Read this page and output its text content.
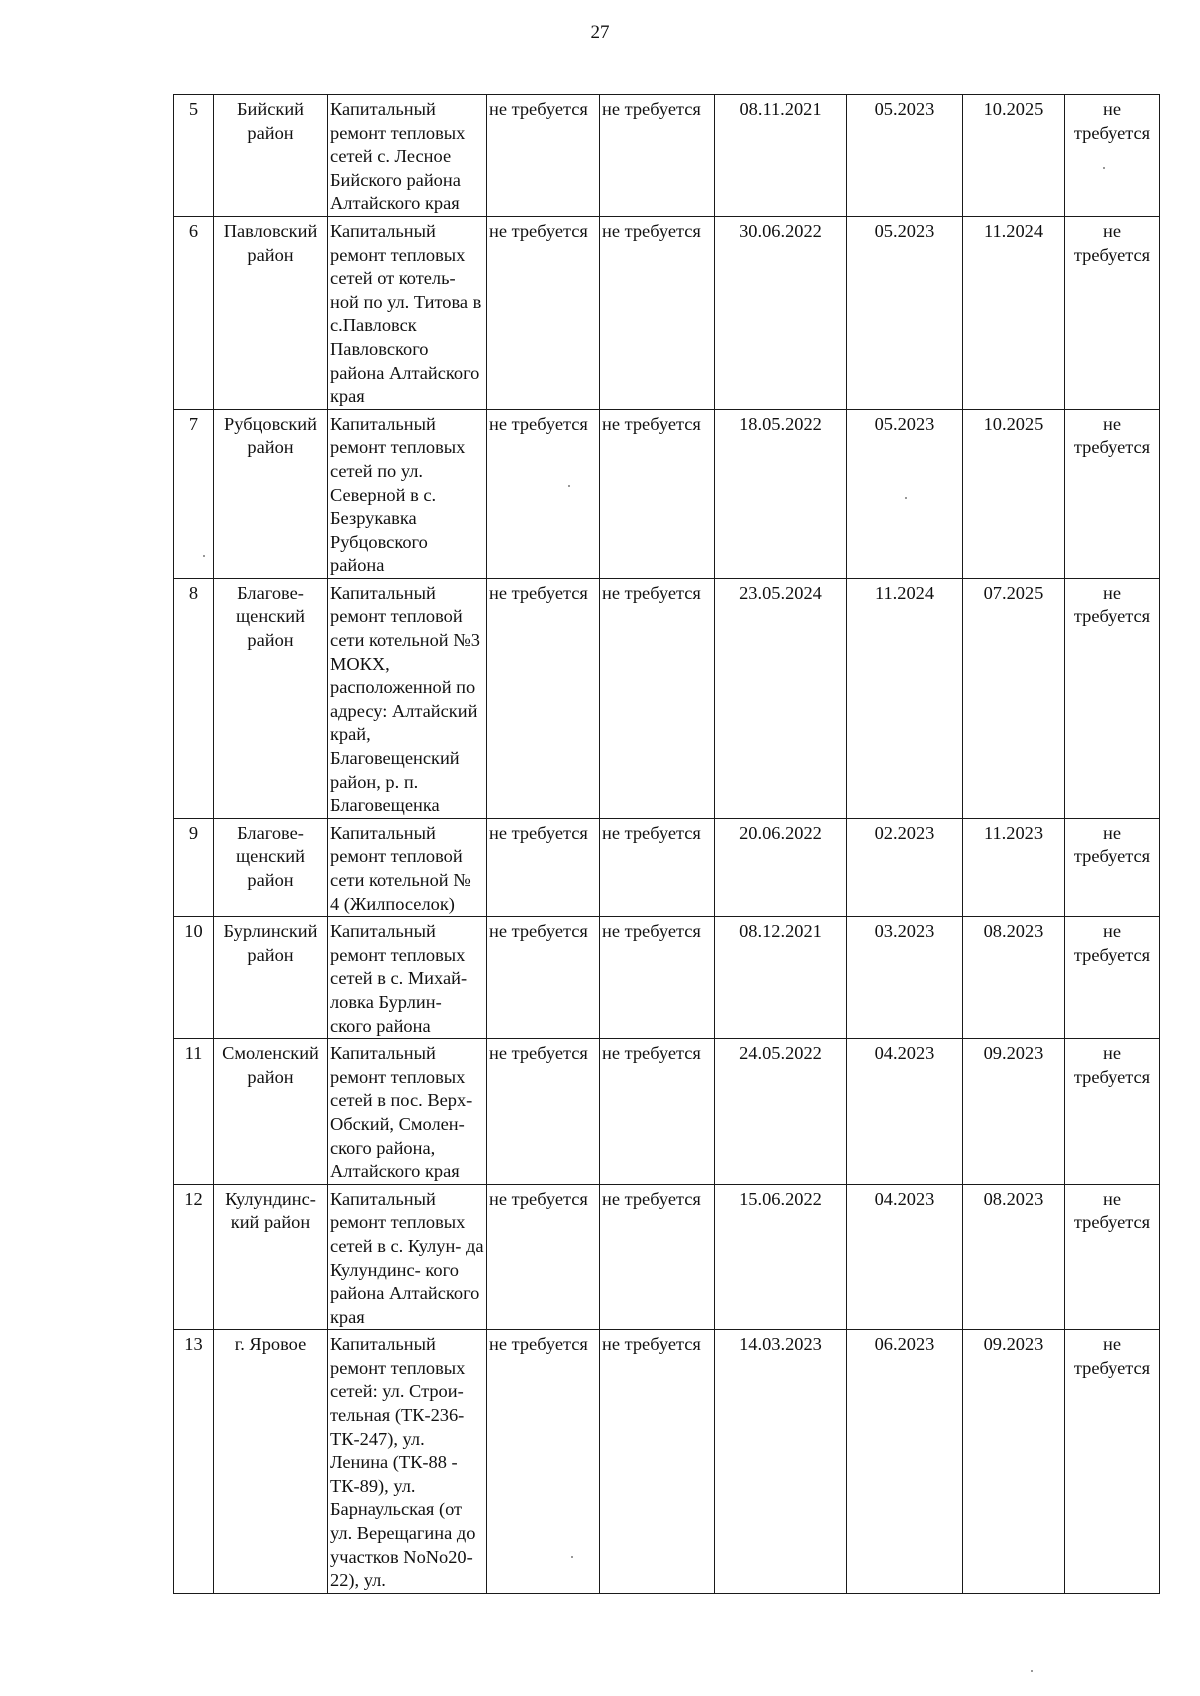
27
5	Бийский район	Капитальный ремонт тепловых сетей с. Лесное Бийского района Алтайского края	не требуется	не требуется	08.11.2021	05.2023	10.2025	не требуется
6	Павловский район	Капитальный ремонт тепловых сетей от котель- ной по ул. Титова в с.Павловск Павловского района Алтайского края	не требуется	не требуется	30.06.2022	05.2023	11.2024	не требуется
7	Рубцовский район	Капитальный ремонт тепловых сетей по ул. Северной в с. Безрукавка Рубцовского района	не требуется	не требуется	18.05.2022	05.2023	10.2025	не требуется
8	Благове- щенский район	Капитальный ремонт тепловой сети котельной №3 МОКХ, расположенной по адресу: Алтайский край, Благовещенский район, р. п. Благовещенка	не требуется	не требуется	23.05.2024	11.2024	07.2025	не требуется
9	Благове- щенский район	Капитальный ремонт тепловой сети котельной № 4 (Жилпоселок)	не требуется	не требуется	20.06.2022	02.2023	11.2023	не требуется
10	Бурлинский район	Капитальный ремонт тепловых сетей в с. Михай- ловка Бурлин- ского района	не требуется	не требуется	08.12.2021	03.2023	08.2023	не требуется
11	Смоленский район	Капитальный ремонт тепловых сетей в пос. Верх- Обский, Смолен- ского района, Алтайского края	не требуется	не требуется	24.05.2022	04.2023	09.2023	не требуется
12	Кулундинс- кий район	Капитальный ремонт тепловых сетей в с. Кулун- да Кулундинс- кого района Алтайского края	не требуется	не требуется	15.06.2022	04.2023	08.2023	не требуется
13	г. Яровое	Капитальный ремонт тепловых сетей: ул. Строи- тельная (ТК-236- ТК-247), ул. Ленина (ТК-88 - ТК-89), ул. Барнаульская (от ул. Верещагина до участков NoNo20-22), ул.	не требуется	не требуется	14.03.2023	06.2023	09.2023	не требуется
